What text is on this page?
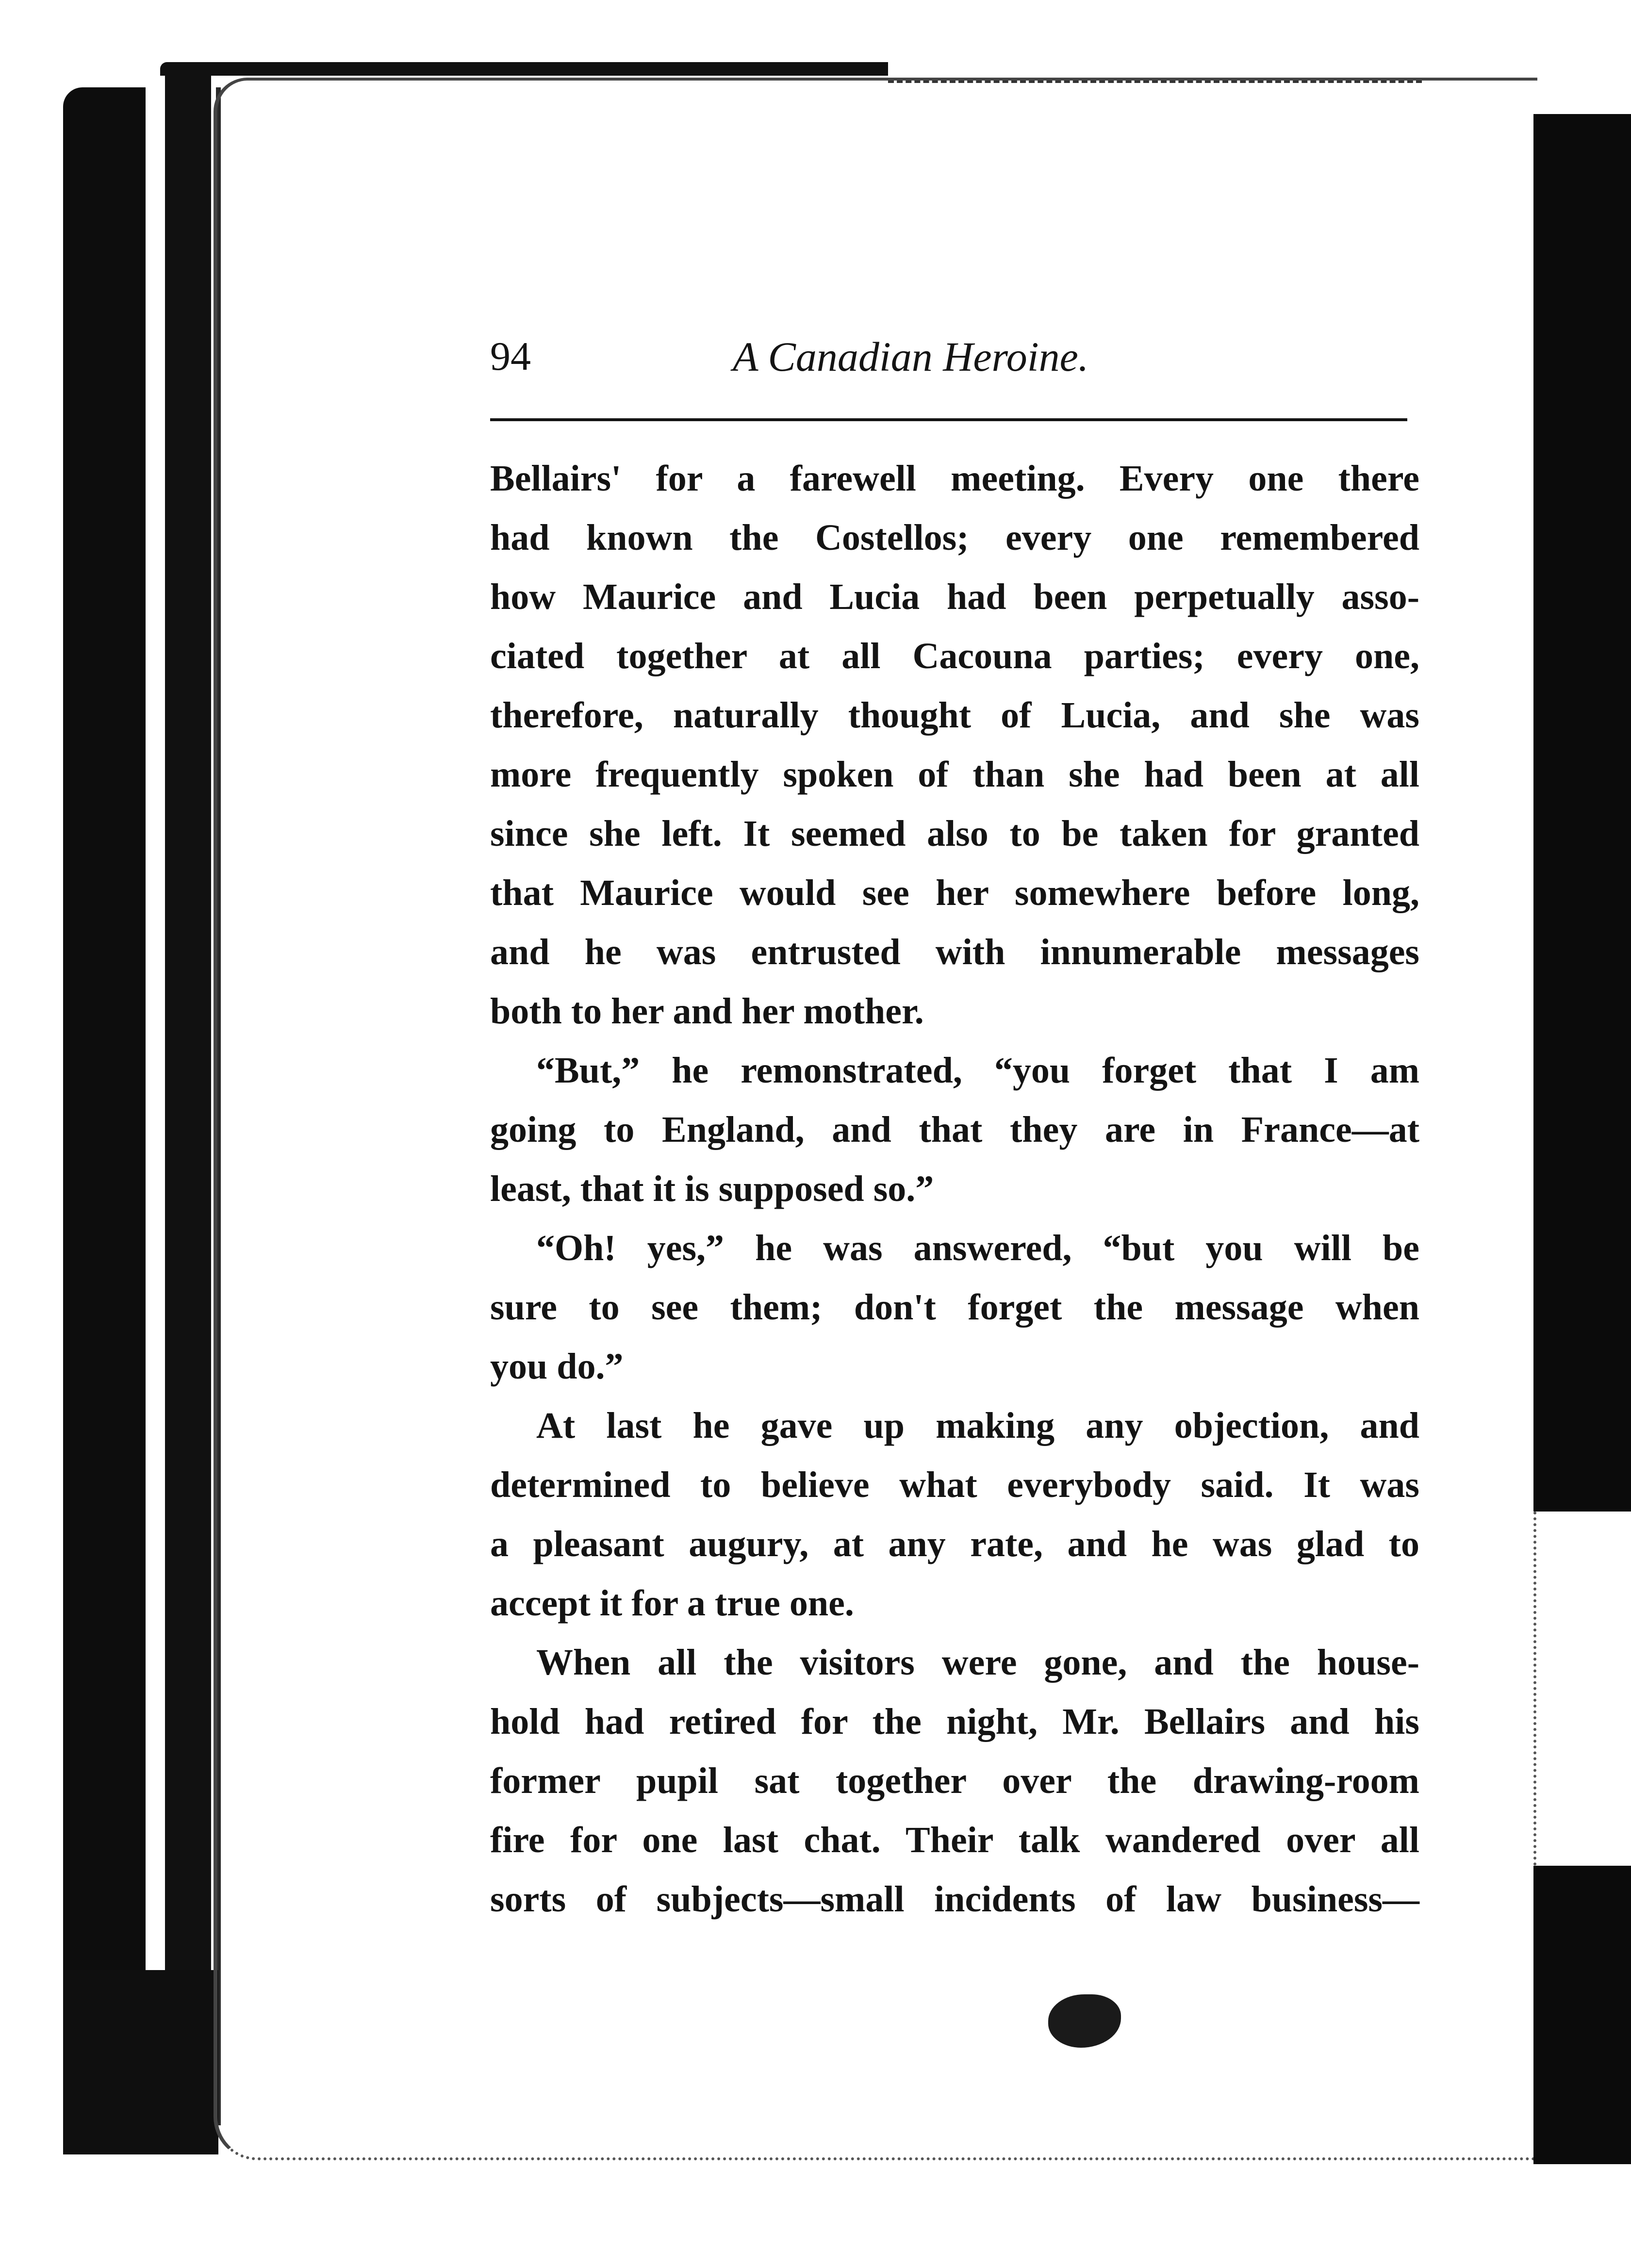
94	A Canadian Heroine.
Bellairs' for a farewell meeting. Every one there
had known the Costellos; every one remembered
how Maurice and Lucia had been perpetually asso-
ciated together at all Cacouna parties; every one,
therefore, naturally thought of Lucia, and she was
more frequently spoken of than she had been at all
since she left. It seemed also to be taken for granted
that Maurice would see her somewhere before long,
and he was entrusted with innumerable messages
both to her and her mother.
“But,” he remonstrated, “you forget that I am
going to England, and that they are in France—at
least, that it is supposed so.”
“Oh! yes,” he was answered, “but you will be
sure to see them; don't forget the message when
you do.”
At last he gave up making any objection, and
determined to believe what everybody said. It was
a pleasant augury, at any rate, and he was glad to
accept it for a true one.
When all the visitors were gone, and the house-
hold had retired for the night, Mr. Bellairs and his
former pupil sat together over the drawing-room
fire for one last chat. Their talk wandered over all
sorts of subjects—small incidents of law business—
